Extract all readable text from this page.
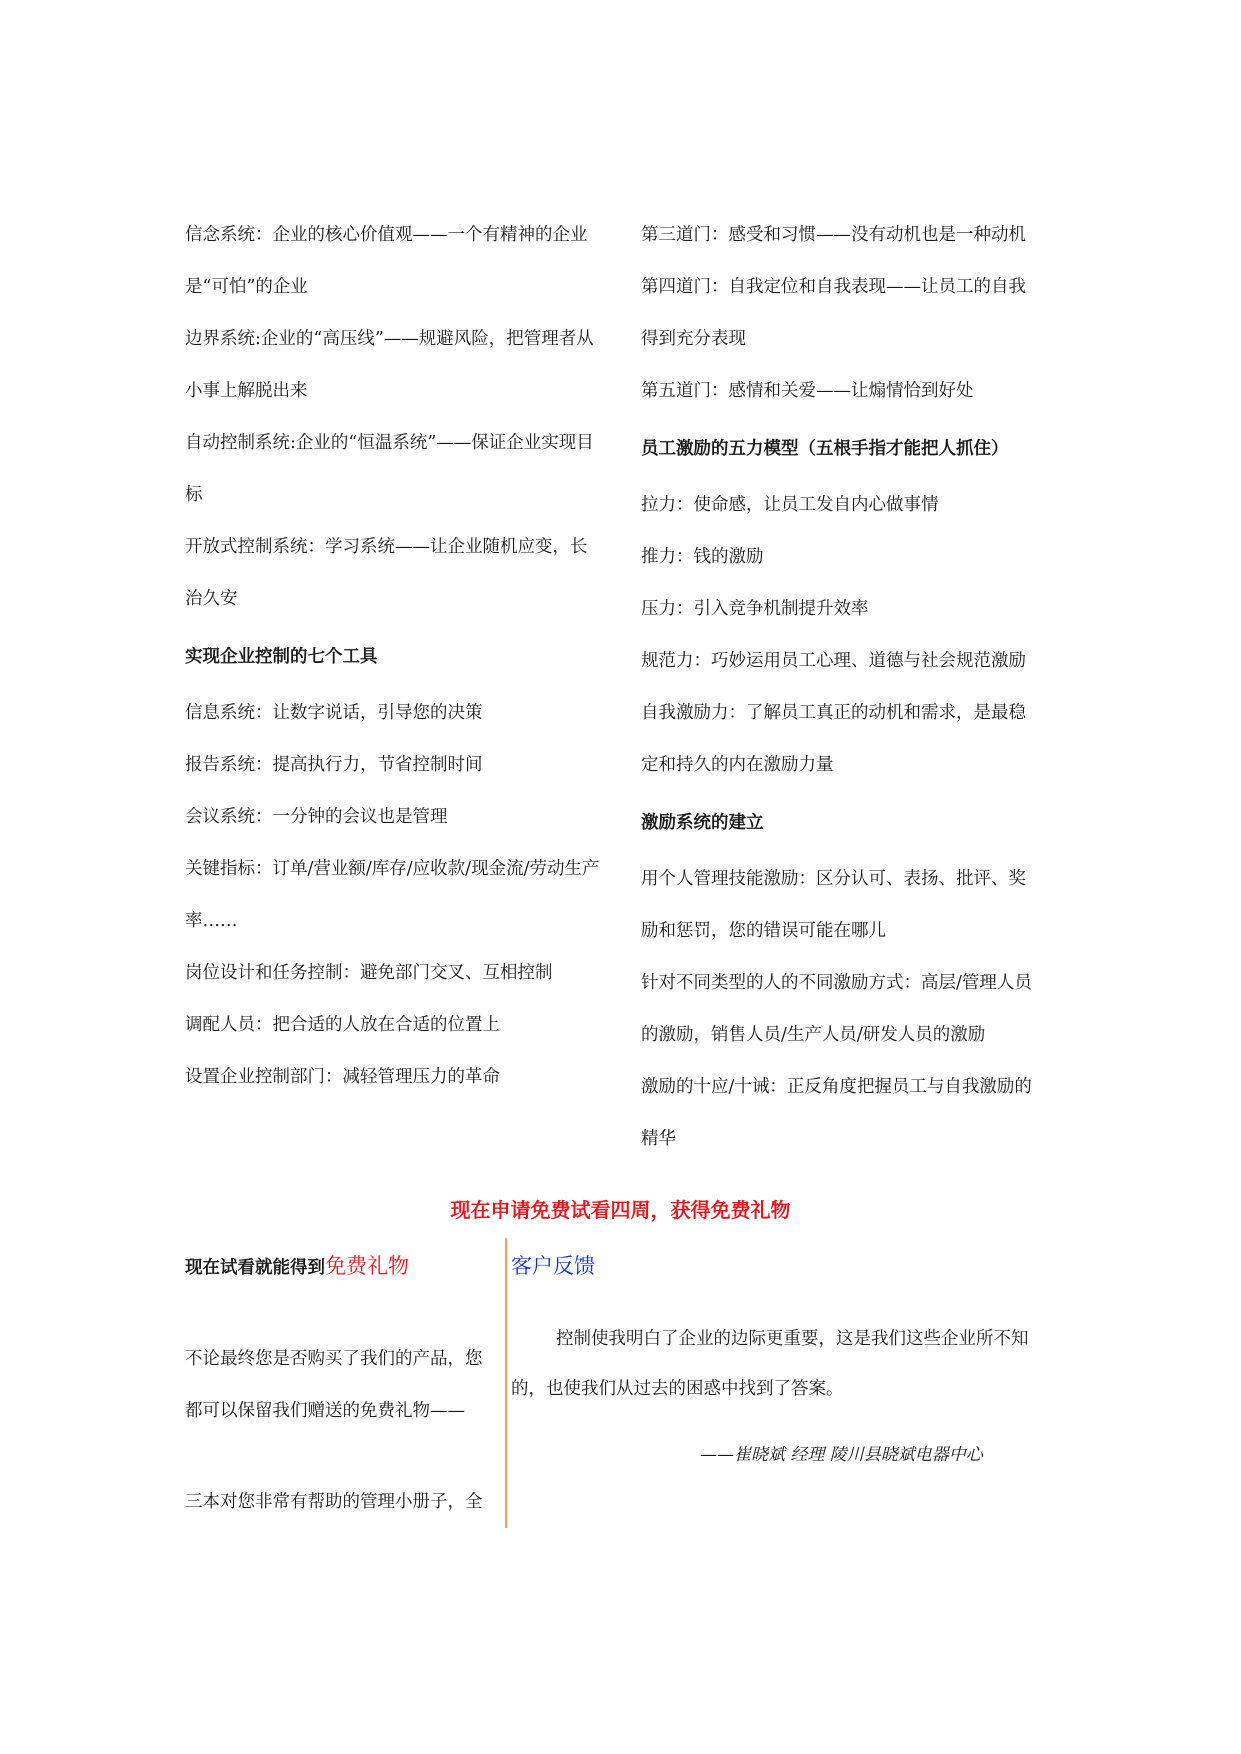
信念系统：企业的核心价值观——一个有精神的企业

是“可怕”的企业

边界系统:企业的“高压线”——规避风险，把管理者从

小事上解脱出来

自动控制系统:企业的“恒温系统”——保证企业实现目

标

开放式控制系统：学习系统——让企业随机应变，长

治久安

实现企业控制的七个工具

信息系统：让数字说话，引导您的决策

报告系统：提高执行力，节省控制时间

会议系统：一分钟的会议也是管理

关键指标：订单/营业额/库存/应收款/现金流/劳动生产

率……

岗位设计和任务控制：避免部门交叉、互相控制

调配人员：把合适的人放在合适的位置上

设置企业控制部门：减轻管理压力的革命

第三道门：感受和习惯——没有动机也是一种动机

第四道门：自我定位和自我表现——让员工的自我

得到充分表现

第五道门：感情和关爱——让煽情恰到好处

员工激励的五力模型（五根手指才能把人抓住）

拉力：使命感，让员工发自内心做事情

推力：钱的激励

压力：引入竞争机制提升效率

规范力：巧妙运用员工心理、道德与社会规范激励

自我激励力：了解员工真正的动机和需求，是最稳

定和持久的内在激励力量

激励系统的建立

用个人管理技能激励：区分认可、表扬、批评、奖

励和惩罚，您的错误可能在哪儿

针对不同类型的人的不同激励方式：高层/管理人员

的激励，销售人员/生产人员/研发人员的激励

激励的十应/十诫：正反角度把握员工与自我激励的

精华

现在申请免费试看四周，获得免费礼物
现在试看就能得到免费礼物	客户反馈
不论最终您是否购买了我们的产品，您
都可以保留我们赠送的免费礼物——
三本对您非常有帮助的管理小册子，全
控制使我明白了企业的边际更重要，这是我们这些企业所不知
的，也使我们从过去的困惑中找到了答案。
——崔晓斌 经理 陵川县晓斌电器中心
